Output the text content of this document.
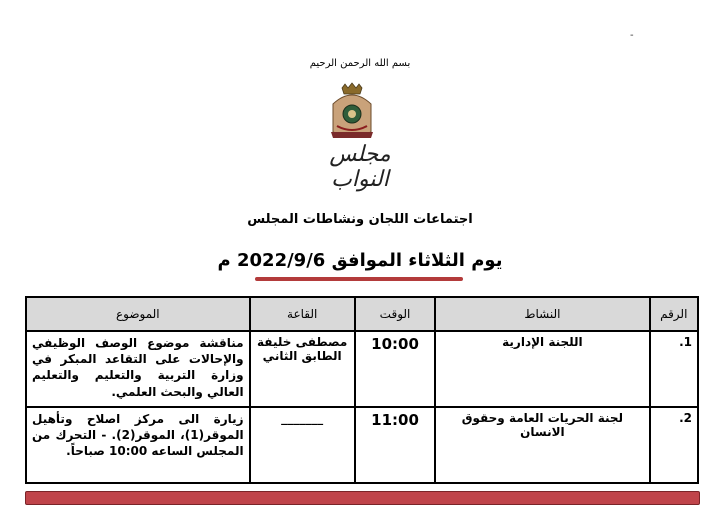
-
بسم الله الرحمن الرحيم
مجلس النواب
اجتماعات اللجان ونشاطات المجلس
يوم الثلاثاء الموافق 2022/9/6 م
الرقم	النشاط	الوقت	القاعة	الموضوع
1.	اللجنة الإدارية	10:00	مصطفى خليفة الطابق الثاني	مناقشة موضوع الوصف الوظيفي والإحالات على التقاعد المبكر في وزارة التربية والتعليم والتعليم العالي والبحث العلمي.
2.	لجنة الحريات العامة وحقوق الانسان	11:00	_______	زيارة الى مركز اصلاح وتأهيل الموقر(1)، الموقر(2). - التحرك من المجلس الساعه 10:00 صباحاً.
